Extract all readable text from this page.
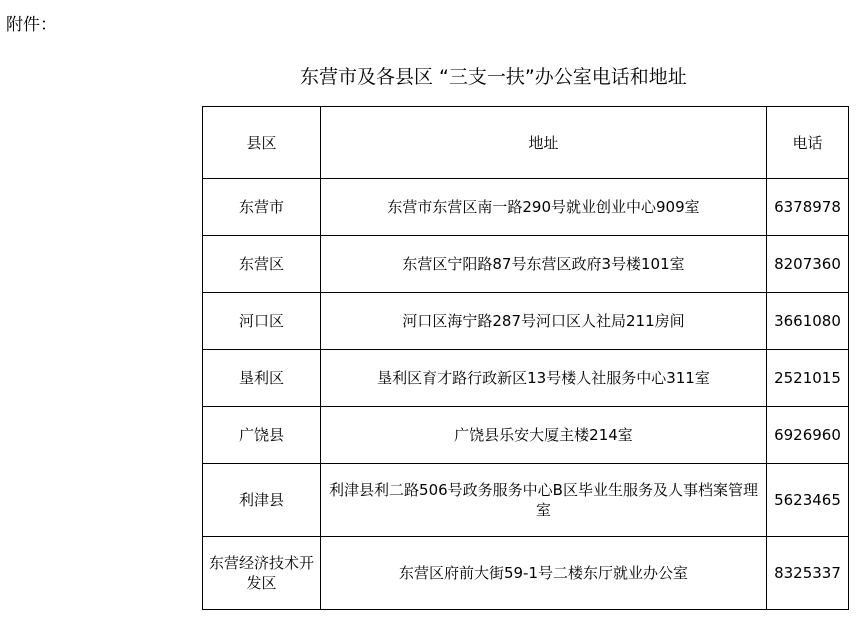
附件：
东营市及各县区 “三支一扶”办公室电话和地址
县区	地址	电话
东营市	东营市东营区南一路290号就业创业中心909室	6378978
东营区	东营区宁阳路87号东营区政府3号楼101室	8207360
河口区	河口区海宁路287号河口区人社局211房间	3661080
垦利区	垦利区育才路行政新区13号楼人社服务中心311室	2521015
广饶县	广饶县乐安大厦主楼214室	6926960
利津县	利津县利二路506号政务服务中心B区毕业生服务及人事档案管理室	5623465
东营经济技术开发区	东营区府前大街59-1号二楼东厅就业办公室	8325337
